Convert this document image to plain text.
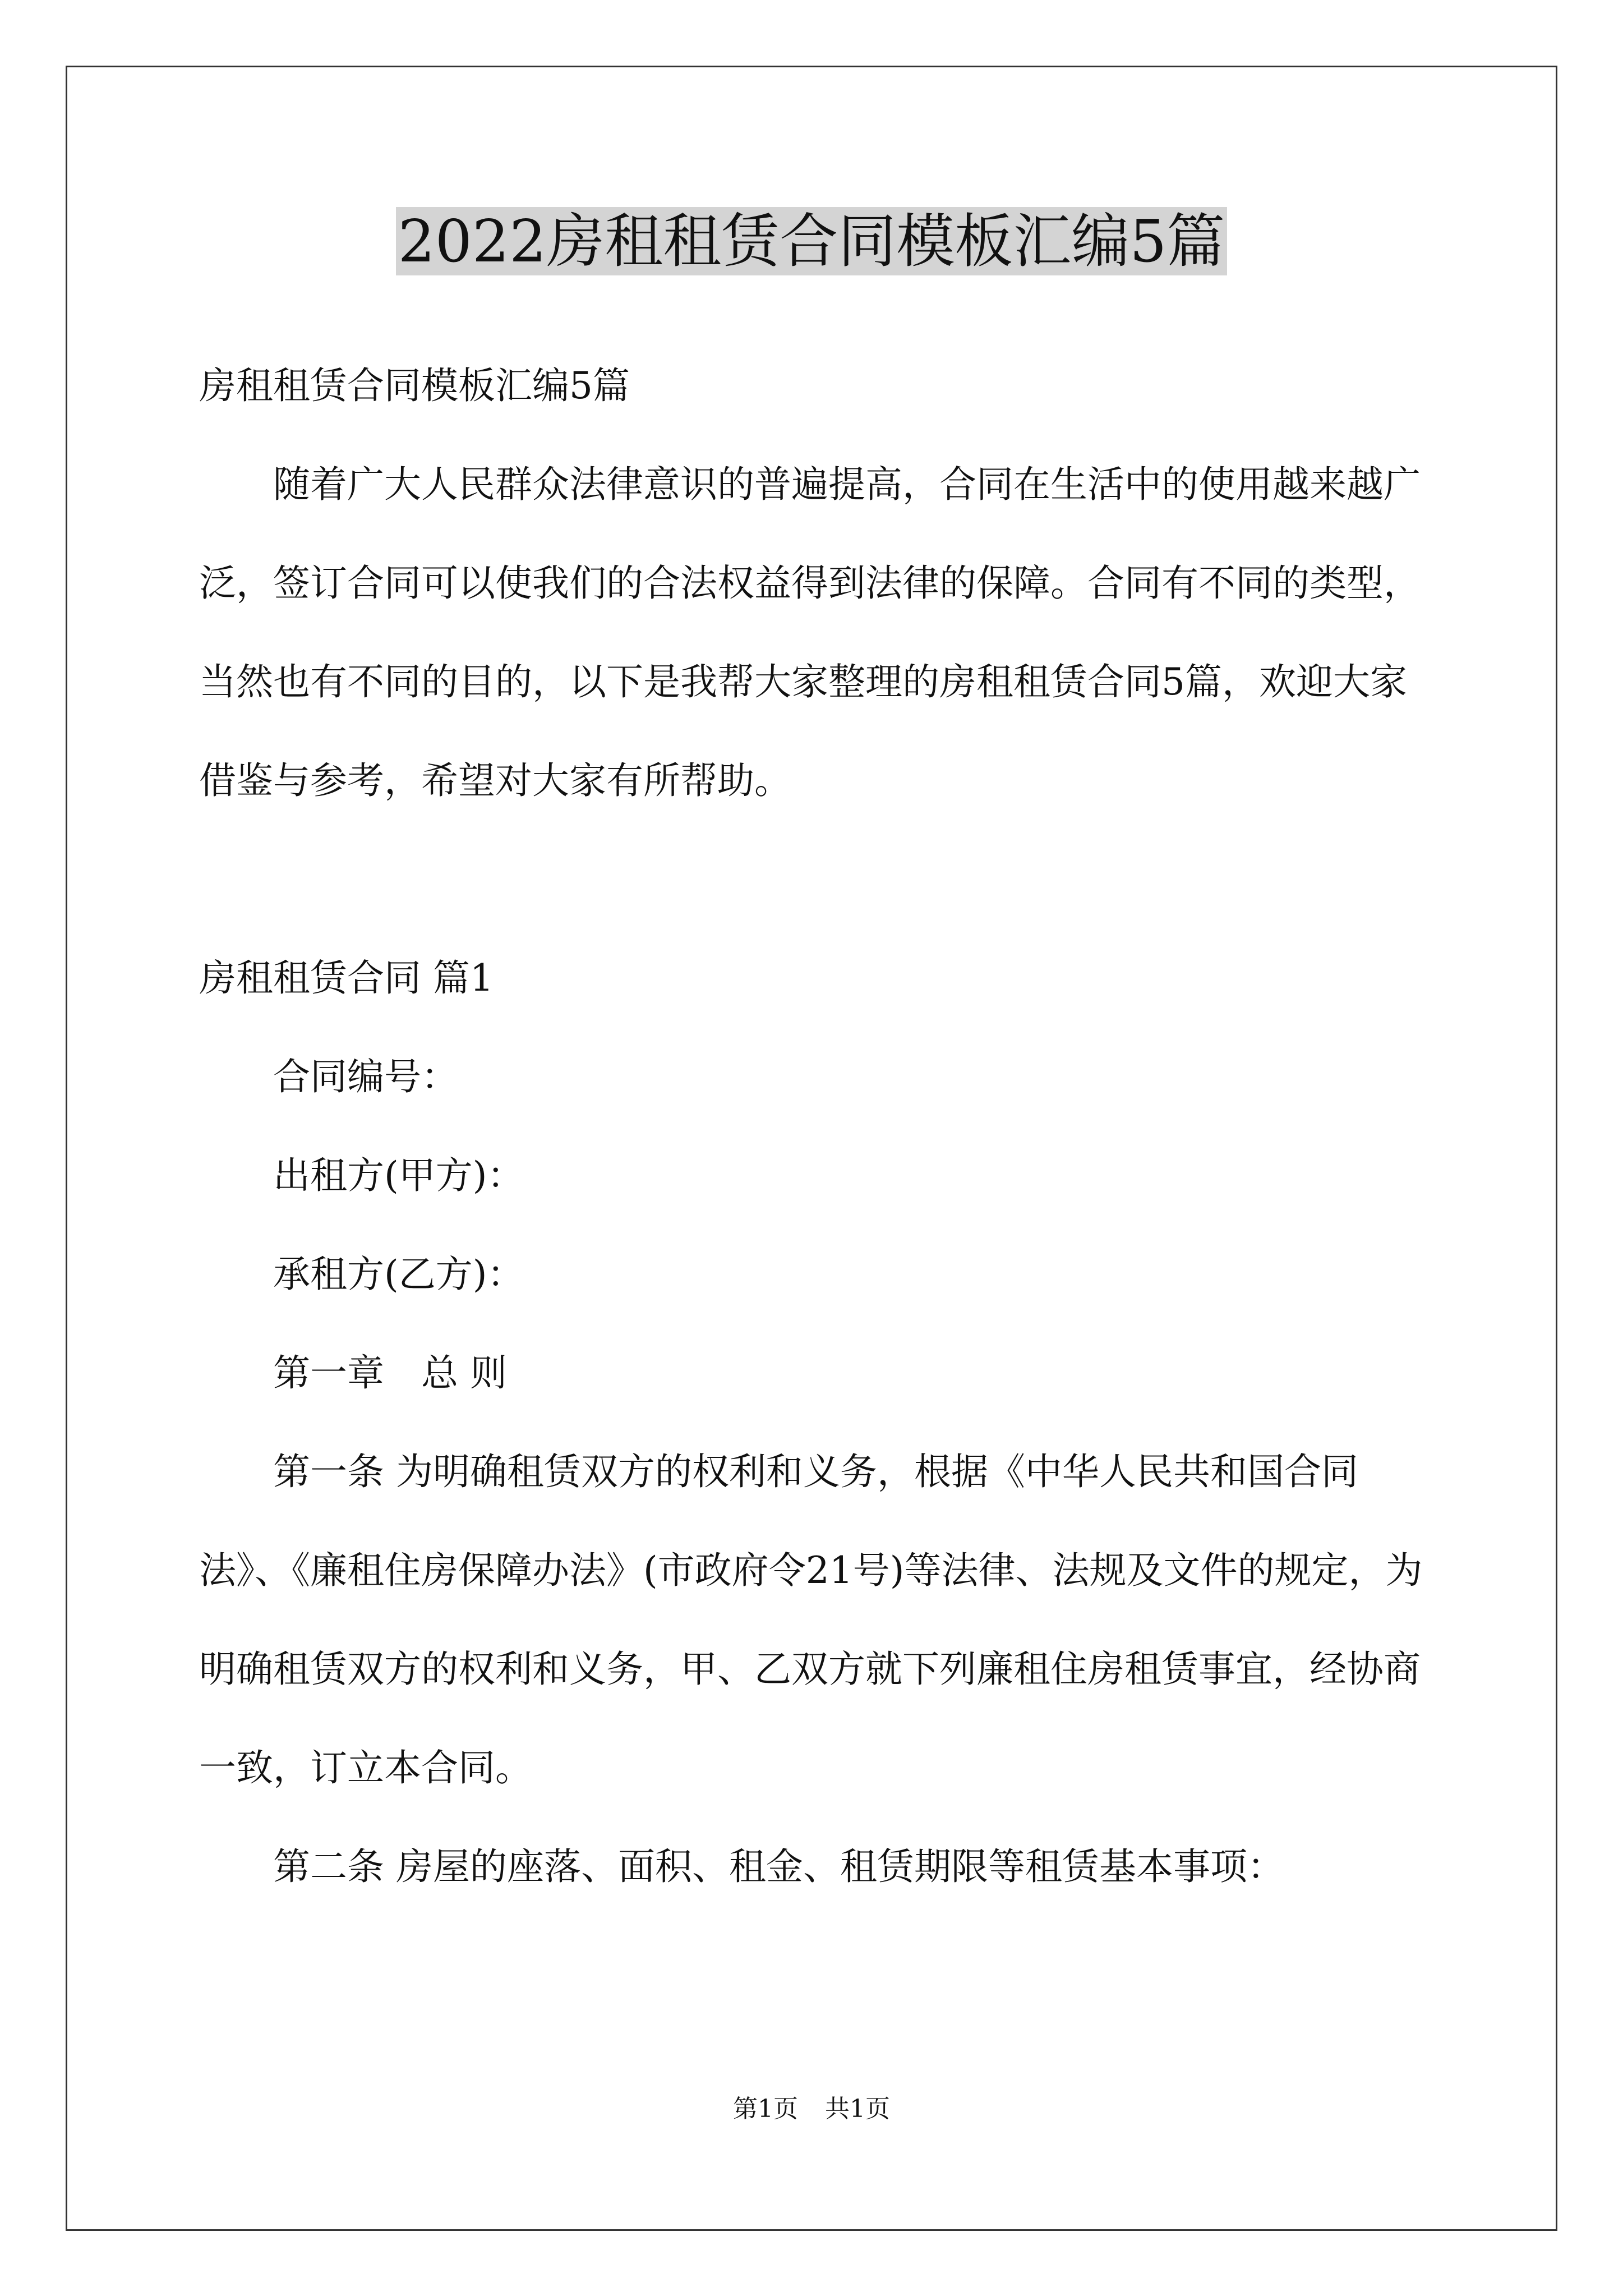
2022房租租赁合同模板汇编5篇

房租租赁合同模板汇编5篇

随着广大人民群众法律意识的普遍提高，合同在生活中的使用越来越广泛，签订合同可以使我们的合法权益得到法律的保障。合同有不同的类型，当然也有不同的目的，以下是我帮大家整理的房租租赁合同5篇，欢迎大家借鉴与参考，希望对大家有所帮助。

房租租赁合同 篇1

合同编号：

出租方(甲方)：

承租方(乙方)：

第一章　总 则

第一条 为明确租赁双方的权利和义务，根据《中华人民共和国合同法》、《廉租住房保障办法》(市政府令21号)等法律、法规及文件的规定，为明确租赁双方的权利和义务，甲、乙双方就下列廉租住房租赁事宜，经协商一致，订立本合同。

第二条 房屋的座落、面积、租金、租赁期限等租赁基本事项：

第1页 共1页
